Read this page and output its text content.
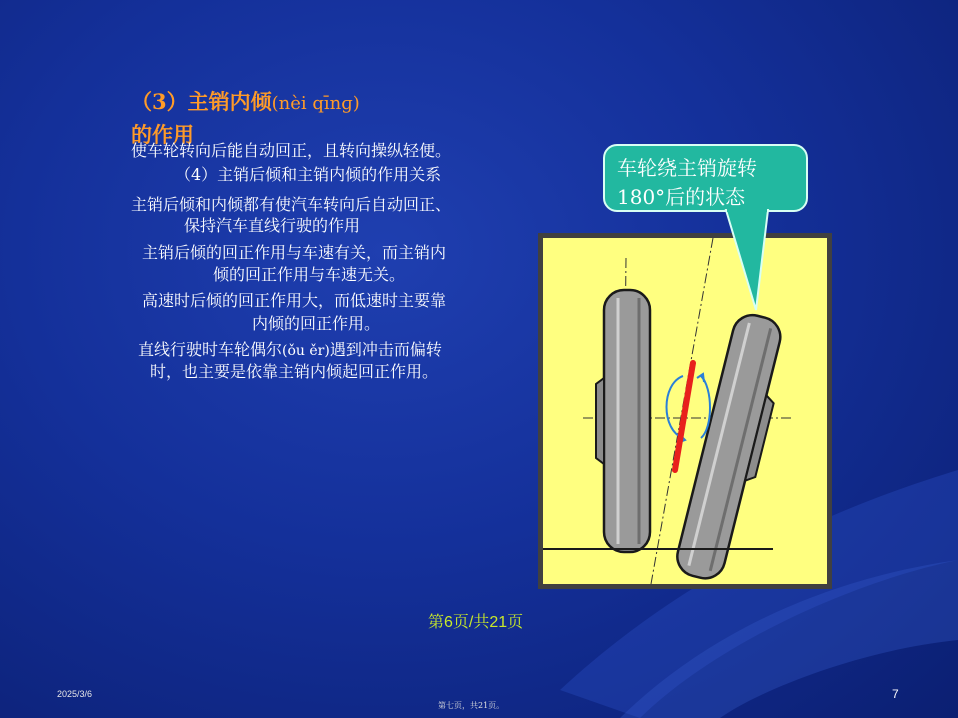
（3）主销内倾(nèi qīnɡ)
的作用
使车轮转向后能自动回正，且转向操纵轻便。
（4）主销后倾和主销内倾的作用关系
主销后倾和内倾都有使汽车转向后自动回正、
保持汽车直线行驶的作用
主销后倾的回正作用与车速有关，而主销内
倾的回正作用与车速无关。
高速时后倾的回正作用大，而低速时主要靠
内倾的回正作用。
直线行驶时车轮偶尔(ǒu ěr)遇到冲击而偏转
时，也主要是依靠主销内倾起回正作用。
车轮绕主销旋转
180°后的状态
第6页/共21页
2025/3/6	7
第七页，共21页。
